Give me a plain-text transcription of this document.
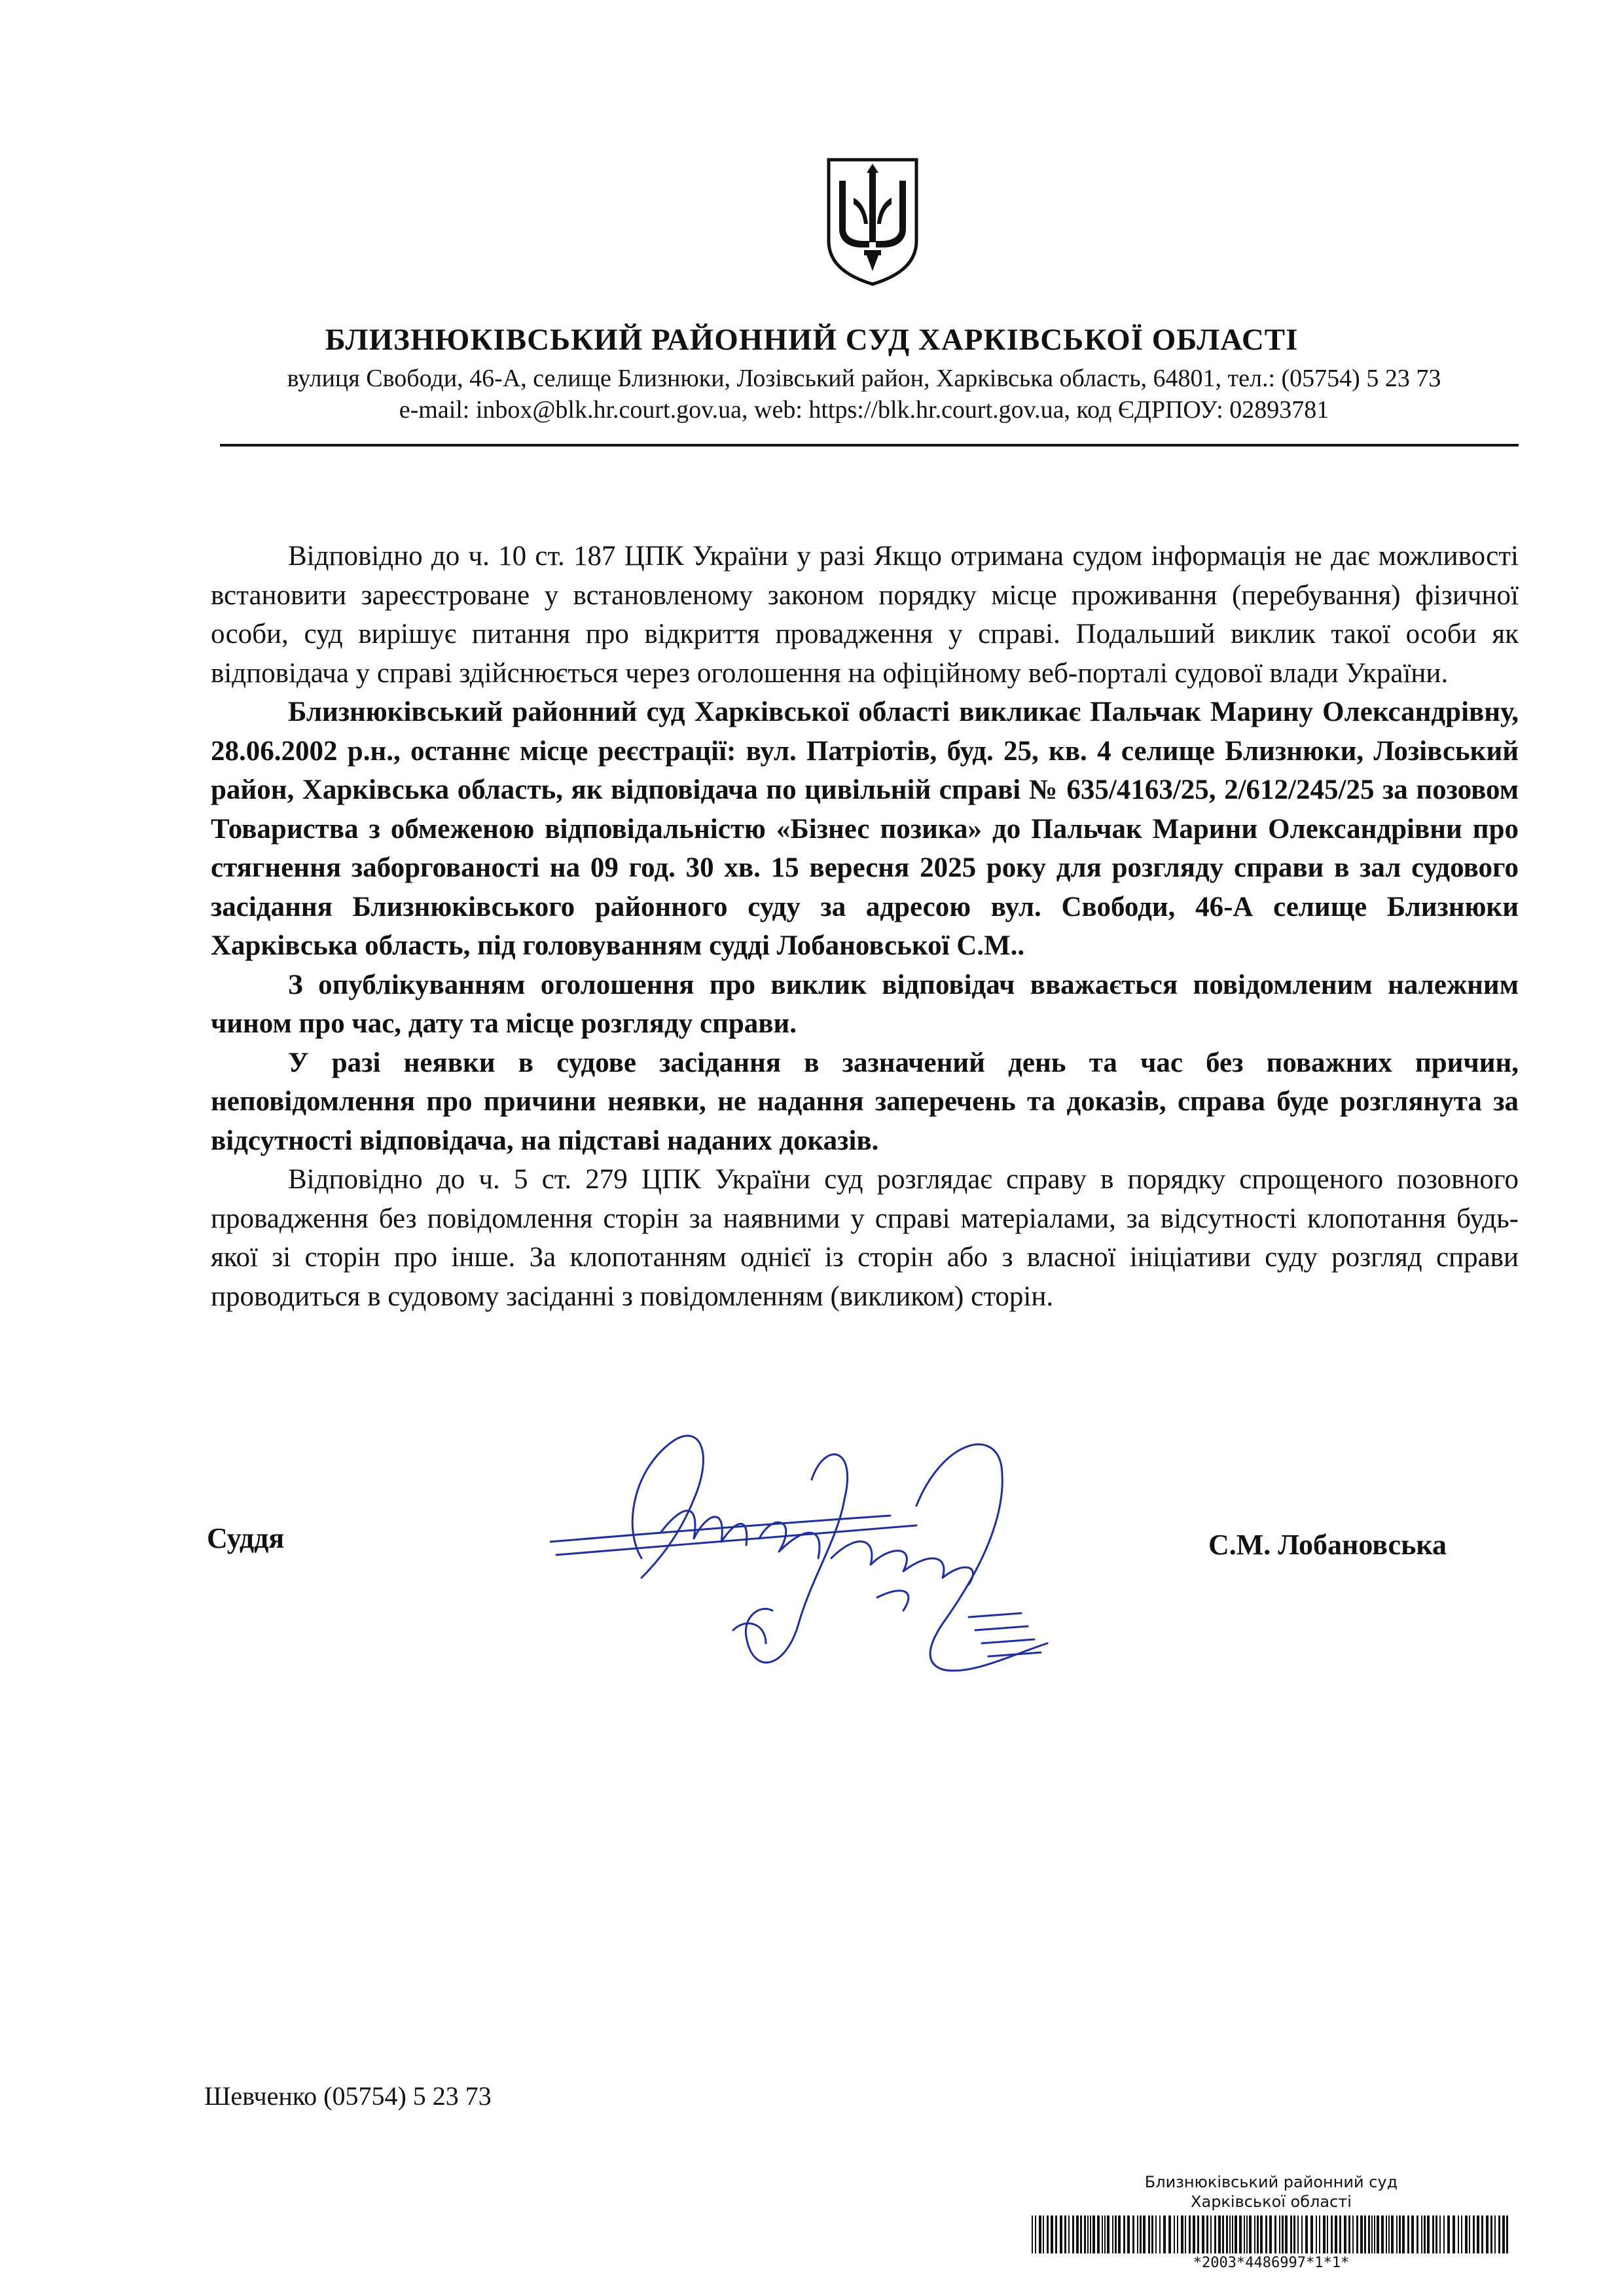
БЛИЗНЮКІВСЬКИЙ РАЙОННИЙ СУД ХАРКІВСЬКОЇ ОБЛАСТІ
вулиця Свободи, 46-А, селище Близнюки, Лозівський район, Харківська область, 64801, тел.: (05754) 5 23 73
e-mail: inbox@blk.hr.court.gov.ua, web: https://blk.hr.court.gov.ua, код ЄДРПОУ: 02893781

Відповідно до ч. 10 ст. 187 ЦПК України у разі Якщо отримана судом інформація не дає можливості встановити зареєстроване у встановленому законом порядку місце проживання (перебування) фізичної особи, суд вирішує питання про відкриття провадження у справі. Подальший виклик такої особи як відповідача у справі здійснюється через оголошення на офіційному веб-порталі судової влади України.

Близнюківський районний суд Харківської області викликає Пальчак Марину Олександрівну, 28.06.2002 р.н., останнє місце реєстрації: вул. Патріотів, буд. 25, кв. 4 селище Близнюки, Лозівський район, Харківська область, як відповідача по цивільній справі № 635/4163/25, 2/612/245/25 за позовом Товариства з обмеженою відповідальністю «Бізнес позика» до Пальчак Марини Олександрівни про стягнення заборгованості на 09 год. 30 хв. 15 вересня 2025 року для розгляду справи в зал судового засідання Близнюківського районного суду за адресою вул. Свободи, 46-А селище Близнюки Харківська область, під головуванням судді Лобановської С.М..

З опублікуванням оголошення про виклик відповідач вважається повідомленим належним чином про час, дату та місце розгляду справи.

У разі неявки в судове засідання в зазначений день та час без поважних причин, неповідомлення про причини неявки, не надання заперечень та доказів, справа буде розглянута за відсутності відповідача, на підставі наданих доказів.

Відповідно до ч. 5 ст. 279 ЦПК України суд розглядає справу в порядку спрощеного позовного провадження без повідомлення сторін за наявними у справі матеріалами, за відсутності клопотання будь-якої зі сторін про інше. За клопотанням однієї із сторін або з власної ініціативи суду розгляд справи проводиться в судовому засіданні з повідомленням (викликом) сторін.

Суддя	С.М. Лобановська
Шевченко (05754) 5 23 73
Близнюківський районний суд
Харківської області
*2003*4486997*1*1*
